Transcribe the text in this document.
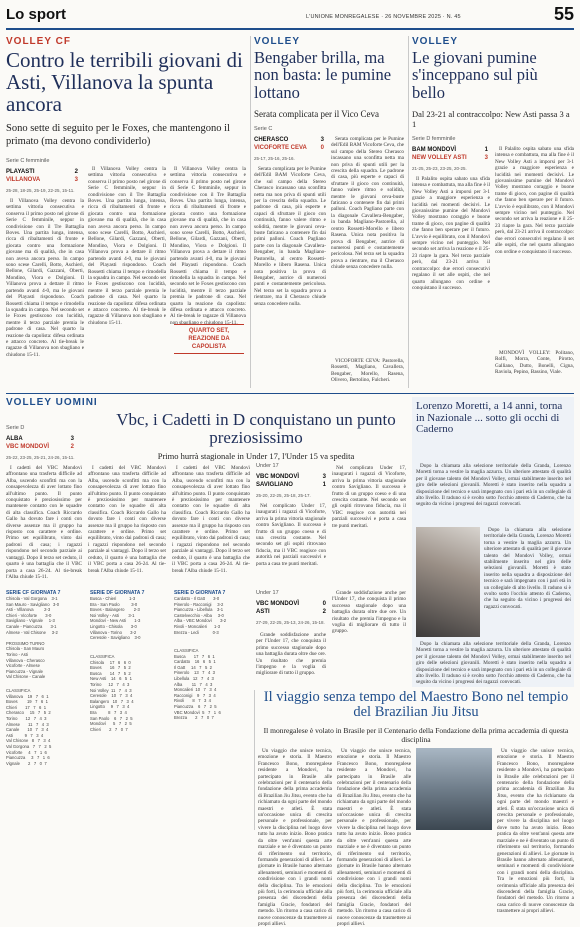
Lo sport	L'UNIONE MONREGALESE · 26 NOVEMBRE 2025 · N. 45	55
VOLLEY CF
Contro le terribili giovani di Asti, Villanova la spunta ancora
Sono sette di seguito per le Foxes, che mantengono il primato (ma devono condividerlo)
Serie C femminile
PLAYASTI	2
VILLANOVA	3
25-28, 18-25, 25-19, 22-25, 15-11.

Il Villanova Volley centra la settima vittoria consecutiva e conserva il primo posto nel girone di Serie C femminile, seppur in condivisione con il Tre Battaglia Boves. Una partita lunga, intensa, ricca di ribaltamenti di fronte e giocata contro una formazione giovane ma di qualità, che in casa non aveva ancora perso. In campo sono scese Carelli, Botto, Aschieri, Bellone, Gilardi, Gazzani, Oberti, Mondino, Viora e Dolgioni. Il Villanova prova a dettare il ritmo partendo avanti 4-0, ma le giovani del Playasti rispondono. Coach Rossetti chiama il tempo e rimodella la squadra in campo. Nel secondo set le Foxes gestiscono con lucidità, mentre il terzo parziale premia le padrone di casa. Nel quarto la reazione da capolista: difesa ordinata e attacco concreto. Al tie-break le ragazze di Villanova non sbagliano e chiudono 15-11.

Il Villanova Volley centra la settima vittoria consecutiva e conserva il primo posto nel girone di Serie C femminile, seppur in condivisione con il Tre Battaglia Boves. Una partita lunga, intensa, ricca di ribaltamenti di fronte e giocata contro una formazione giovane ma di qualità, che in casa non aveva ancora perso. In campo sono scese Carelli, Botto, Aschieri, Bellone, Gilardi, Gazzani, Oberti, Mondino, Viora e Dolgioni. Il Villanova prova a dettare il ritmo partendo avanti 4-0, ma le giovani del Playasti rispondono. Coach Rossetti chiama il tempo e rimodella la squadra in campo. Nel secondo set le Foxes gestiscono con lucidità, mentre il terzo parziale premia le padrone di casa. Nel quarto la reazione da capolista: difesa ordinata e attacco concreto. Al tie-break le ragazze di Villanova non sbagliano e chiudono 15-11.

Il Villanova Volley centra la settima vittoria consecutiva e conserva il primo posto nel girone di Serie C femminile, seppur in condivisione con il Tre Battaglia Boves. Una partita lunga, intensa, ricca di ribaltamenti di fronte e giocata contro una formazione giovane ma di qualità, che in casa non aveva ancora perso. In campo sono scese Carelli, Botto, Aschieri, Bellone, Gilardi, Gazzani, Oberti, Mondino, Viora e Dolgioni. Il Villanova prova a dettare il ritmo partendo avanti 4-0, ma le giovani del Playasti rispondono. Coach Rossetti chiama il tempo e rimodella la squadra in campo. Nel secondo set le Foxes gestiscono con lucidità, mentre il terzo parziale premia le padrone di casa. Nel quarto la reazione da capolista: difesa ordinata e attacco concreto. Al tie-break le ragazze di Villanova non sbagliano e chiudono 15-11.

QUARTO SET, REAZIONE DA CAPOLISTA
VOLLEY
Bengaber brilla, ma non basta: le pumine lottano
Serata complicata per il Vico Ceva
Serie C
CHERASCO	3
VICOFORTE CEVA 0
25-17, 25-16, 25-16.

Serata complicata per le Pumine dell'Edil BAM Vicoforte Ceva, che sul campo della Stereo Cherasco incassano una sconfitta netta ma non priva di spunti utili per la crescita della squadra. Le padrone di casa, più esperte e capaci di sfruttare il gioco con continuità, fanno valere ritmo e solidità, mentre le giovani ceva-buste faticano a contenere fin dai primi palloni. Coach Pagliano parte con la diagonale Cavallera-Bengaber, in banda Magliano-Pastorella, al centro Rossetti-Morello e libero Rasena. Unica nota positiva la prova di Bengaber, autrice di numerosi punti e costantemente pericolosa. Nel terzo set la squadra prova a rientrare, ma il Cherasco chiude senza concedere nulla.

Serata complicata per le Pumine dell'Edil BAM Vicoforte Ceva, che sul campo della Stereo Cherasco incassano una sconfitta netta ma non priva di spunti utili per la crescita della squadra. Le padrone di casa, più esperte e capaci di sfruttare il gioco con continuità, fanno valere ritmo e solidità, mentre le giovani ceva-buste faticano a contenere fin dai primi palloni. Coach Pagliano parte con la diagonale Cavallera-Bengaber, in banda Magliano-Pastorella, al centro Rossetti-Morello e libero Rasena. Unica nota positiva la prova di Bengaber, autrice di numerosi punti e costantemente pericolosa. Nel terzo set la squadra prova a rientrare, ma il Cherasco chiude senza concedere nulla.

VICOFORTE CEVA: Pastorella, Rossetti, Magliano, Cavallera, Bengaber, Morello, Rasena, Olivero, Bertolino, Fulcheri.

VOLLEY
Le giovani pumine s'inceppano sul più bello
Dal 23-21 al contraccolpo: New Asti passa 3 a 1
Serie D femminile
BAM MONDOVÌ	1
NEW VOLLEY ASTI	3
21-25, 25-23, 23-25, 20-25.

Il Palalito ospita sabato una sfida intensa e combattuta, ma alla fine è il New Volley Asti a imporsi per 3-1 grazie a maggiore esperienza e lucidità nei momenti decisivi. Le giovanissime pumine del Mondovì Volley mostrano coraggio e buone trame di gioco, con pagine di qualità che fanno ben sperare per il futuro. L'avvio è equilibrato, con il Mondovì sempre vicino nel punteggio. Nel secondo set arriva la reazione e il 25-23 riapre la gara. Nel terzo parziale però, dal 23-21 arriva il contraccolpo: due errori consecutivi regalano il set alle ospiti, che nel quarto allungano con ordine e conquistano il successo.

Il Palalito ospita sabato una sfida intensa e combattuta, ma alla fine è il New Volley Asti a imporsi per 3-1 grazie a maggiore esperienza e lucidità nei momenti decisivi. Le giovanissime pumine del Mondovì Volley mostrano coraggio e buone trame di gioco, con pagine di qualità che fanno ben sperare per il futuro. L'avvio è equilibrato, con il Mondovì sempre vicino nel punteggio. Nel secondo set arriva la reazione e il 25-23 riapre la gara. Nel terzo parziale però, dal 23-21 arriva il contraccolpo: due errori consecutivi regalano il set alle ospiti, che nel quarto allungano con ordine e conquistano il successo.

MONDOVÌ VOLLEY: Politano, Rolfi, Morra, Conte, Pirotto, Galliano, Dutto, Bonelli, Cigna, Raviola, Pepino, Bassino, Viale.

VOLLEY UOMINI
Vbc, i Cadetti in D conquistano un punto preziosissimo
Primo hurrà stagionale in Under 17, l'Under 15 va spedita
Serie D
ALBA	3
VBC MONDOVÌ	2
25-22, 23-25, 25-21, 24-26, 15-11.

I cadetti del VBC Mondovì affrontano una trasferta difficile ad Alba, uscendo sconfitti ma con la consapevolezza di aver lottato fino all'ultimo punto. Il punto conquistato è preziosissimo per mantenere contatto con le squadre di alta classifica. Coach Riccardo Gallo ha dovuto fare i conti con diverse assenze ma il gruppo ha risposto con carattere e ordine. Primo set equilibrato, vinto dai padroni di casa; i ragazzi rispondono nel secondo parziale ai vantaggi. Dopo il terzo set ceduto, il quarto è una battaglia che il VBC porta a casa 26-24. Al tie-break l'Alba chiude 15-11.

I cadetti del VBC Mondovì affrontano una trasferta difficile ad Alba, uscendo sconfitti ma con la consapevolezza di aver lottato fino all'ultimo punto. Il punto conquistato è preziosissimo per mantenere contatto con le squadre di alta classifica. Coach Riccardo Gallo ha dovuto fare i conti con diverse assenze ma il gruppo ha risposto con carattere e ordine. Primo set equilibrato, vinto dai padroni di casa; i ragazzi rispondono nel secondo parziale ai vantaggi. Dopo il terzo set ceduto, il quarto è una battaglia che il VBC porta a casa 26-24. Al tie-break l'Alba chiude 15-11.

I cadetti del VBC Mondovì affrontano una trasferta difficile ad Alba, uscendo sconfitti ma con la consapevolezza di aver lottato fino all'ultimo punto. Il punto conquistato è preziosissimo per mantenere contatto con le squadre di alta classifica. Coach Riccardo Gallo ha dovuto fare i conti con diverse assenze ma il gruppo ha risposto con carattere e ordine. Primo set equilibrato, vinto dai padroni di casa; i ragazzi rispondono nel secondo parziale ai vantaggi. Dopo il terzo set ceduto, il quarto è una battaglia che il VBC porta a casa 26-24. Al tie-break l'Alba chiude 15-11.

Under 17
VBC MONDOVÌ	3
SAVIGLIANO	1
25-20, 22-25, 25-18, 25-17.

Nel complicato Under 17, inaugurati i ragazzi di Vicoforte, arriva la prima vittoria stagionale contro Savigliano. Il successo è frutto di un gruppo coeso e di una crescita costante. Nel secondo set gli ospiti ritrovano fiducia, ma il VBC reagisce con autorità nei parziali successivi e porta a casa tre punti meritati.

Nel complicato Under 17, inaugurati i ragazzi di Vicoforte, arriva la prima vittoria stagionale contro Savigliano. Il successo è frutto di un gruppo coeso e di una crescita costante. Nel secondo set gli ospiti ritrovano fiducia, ma il VBC reagisce con autorità nei parziali successivi e porta a casa tre punti meritati.

Under 17
VBC MONDOVÌ	0
ASTI	2
27-29, 22-25, 25-13, 24-26, 15-18.

Grande soddisfazione anche per l'Under 17, che conquista il primo successo stagionale dopo una battaglia durata oltre due ore. Un risultato che premia l'impegno e la voglia di migliorare di tutto il gruppo.

Grande soddisfazione anche per l'Under 17, che conquista il primo successo stagionale dopo una battaglia durata oltre due ore. Un risultato che premia l'impegno e la voglia di migliorare di tutto il gruppo.

Lorenzo Moretti, a 14 anni, torna in Nazionale ... sotto gli occhi di Caderno

Dopo la chiamata alla selezione territoriale della Granda, Lorenzo Moretti torna a vestire la maglia azzurra. Un ulteriore attestato di qualità per il giovane talento del Mondovì Volley, ormai stabilmente inserito nel giro delle selezioni giovanili. Moretti è stato inserito nella squadra a disposizione del tecnico e sarà impegnato con i pari età in un collegiale di alto livello. Il raduno si è svolto sotto l'occhio attento di Caderno, che ha seguito da vicino i progressi dei ragazzi convocati.

Dopo la chiamata alla selezione territoriale della Granda, Lorenzo Moretti torna a vestire la maglia azzurra. Un ulteriore attestato di qualità per il giovane talento del Mondovì Volley, ormai stabilmente inserito nel giro delle selezioni giovanili. Moretti è stato inserito nella squadra a disposizione del tecnico e sarà impegnato con i pari età in un collegiale di alto livello. Il raduno si è svolto sotto l'occhio attento di Caderno, che ha seguito da vicino i progressi dei ragazzi convocati.

Dopo la chiamata alla selezione territoriale della Granda, Lorenzo Moretti torna a vestire la maglia azzurra. Un ulteriore attestato di qualità per il giovane talento del Mondovì Volley, ormai stabilmente inserito nel giro delle selezioni giovanili. Moretti è stato inserito nella squadra a disposizione del tecnico e sarà impegnato con i pari età in un collegiale di alto livello. Il raduno si è svolto sotto l'occhio attento di Caderno, che ha seguito da vicino i progressi dei ragazzi convocati.

SERIE CF GIORNATA 7
Chisola - Val Gorgona    3-1
San Mauro - Savigliano   3-0
Asti - Villanova         2-3
Chieri - Vicoforte       3-0
Savigliano - Vignale     1-3
Canale - Piancuzza       3-1
Almese - Val Chisone     3-2

PROSSIMO TURNO
Chisola - San Mauro
Torino - Asti
Villanova - Cherasco
Vicoforte - Almese
Piancuzza - Vignale
Val Chisone - Canale
CLASSIFICA
Villanova    19   7   6  1
Boves        19   7   6  1
Chieri       17   7   6  1
Cherasco     15   7   5  2
Torino       12   7   4  3
Almese       11   7   4  3
Canale       10   7   3  4
Asti          9   7   3  4
Val Chisone   8   7   3  4
Val Gorgona   7   7   2  5
Vicoforte     4   7   1  6
Piancuzza     3   7   1  6
Vignale       2   7   0  7
SERIE DF GIORNATA 7
Busca - Chieri           1-3
Bra - San Paolo          3-0
Boves - Balangero        2-3
Noi Volley - Asti        3-1
Mondovì - New Asti       1-3
Lingotto - Chisola       3-0
Villanova - Torino       3-2
Ceresole - Savigliano    3-0
CLASSIFICA
Chisola     17   6   6  0
Boves       16   7   5  2
Busca       14   7   5  2
New Asti    14   6   5  1
Torino      12   7   4  3
Noi Volley  11   7   4  3
Ceresole    10   7   3  4
Balangero   10   7   3  4
Lingotto     9   7   3  4
Bra          8   7   3  4
San Paolo    6   7   2  5
Mondovì      5   7   2  5
Chieri       2   7   0  7
SERIE D GIORNATA 7
Cardatto - Il Gatt       3-0
Pinerolo - Racconigi     3-2
Piancuzza - Libellula    3-1
Castelvecchio - Alba     3-0
Alba - VBC Mondovì       3-2
Rivoli - Moncalieri      1-3
Brezza - Ledi            0-3
CLASSIFICA
Busca       17   7   6  1
Cardatto    16   6   5  1
Il Gatt     14   7   5  2
Pinerolo    13   7   4  3
Libellula   12   7   4  3
Alba        11   7   4  3
Moncalieri  10   7   3  4
Racconigi    9   7   3  4
Rivoli       8   7   3  4
Piancuzza    6   7   2  5
VBC Mondovì  5   7   1  6
Brezza       2   7   0  7
Il viaggio senza tempo del Maestro Bono nel tempio del Brazilian Jiu Jitsu
Il monregalese è volato in Brasile per il Centenario della Fondazione della prima accademia di questa disciplina

Un viaggio che unisce tecnica, emozione e storia. Il Maestro Francesco Bono, monregalese residente a Mondovì, ha partecipato in Brasile alle celebrazioni per il centenario della fondazione della prima accademia di Brazilian Jiu Jitsu, evento che ha richiamato da ogni parte del mondo maestri e atleti. È stata un'occasione unica di crescita personale e professionale, per vivere la disciplina nel luogo dove tutto ha avuto inizio. Bono pratica da oltre vent'anni questa arte marziale e ne è diventato un punto di riferimento sul territorio, formando generazioni di allievi. Le giornate in Brasile hanno alternato allenamenti, seminari e momenti di condivisione con i grandi nomi della disciplina. Tra le emozioni più forti, la cerimonia ufficiale alla presenza dei discendenti della famiglia Gracie, fondatori del metodo. Un ritorno a casa carico di nuove conoscenze da trasmettere ai propri allievi.

Un viaggio che unisce tecnica, emozione e storia. Il Maestro Francesco Bono, monregalese residente a Mondovì, ha partecipato in Brasile alle celebrazioni per il centenario della fondazione della prima accademia di Brazilian Jiu Jitsu, evento che ha richiamato da ogni parte del mondo maestri e atleti. È stata un'occasione unica di crescita personale e professionale, per vivere la disciplina nel luogo dove tutto ha avuto inizio. Bono pratica da oltre vent'anni questa arte marziale e ne è diventato un punto di riferimento sul territorio, formando generazioni di allievi. Le giornate in Brasile hanno alternato allenamenti, seminari e momenti di condivisione con i grandi nomi della disciplina. Tra le emozioni più forti, la cerimonia ufficiale alla presenza dei discendenti della famiglia Gracie, fondatori del metodo. Un ritorno a casa carico di nuove conoscenze da trasmettere ai propri allievi.

Un viaggio che unisce tecnica, emozione e storia. Il Maestro Francesco Bono, monregalese residente a Mondovì, ha partecipato in Brasile alle celebrazioni per il centenario della fondazione della prima accademia di Brazilian Jiu Jitsu, evento che ha richiamato da ogni parte del mondo maestri e atleti. È stata un'occasione unica di crescita personale e professionale, per vivere la disciplina nel luogo dove tutto ha avuto inizio. Bono pratica da oltre vent'anni questa arte marziale e ne è diventato un punto di riferimento sul territorio, formando generazioni di allievi. Le giornate in Brasile hanno alternato allenamenti, seminari e momenti di condivisione con i grandi nomi della disciplina. Tra le emozioni più forti, la cerimonia ufficiale alla presenza dei discendenti della famiglia Gracie, fondatori del metodo. Un ritorno a casa carico di nuove conoscenze da trasmettere ai propri allievi.
